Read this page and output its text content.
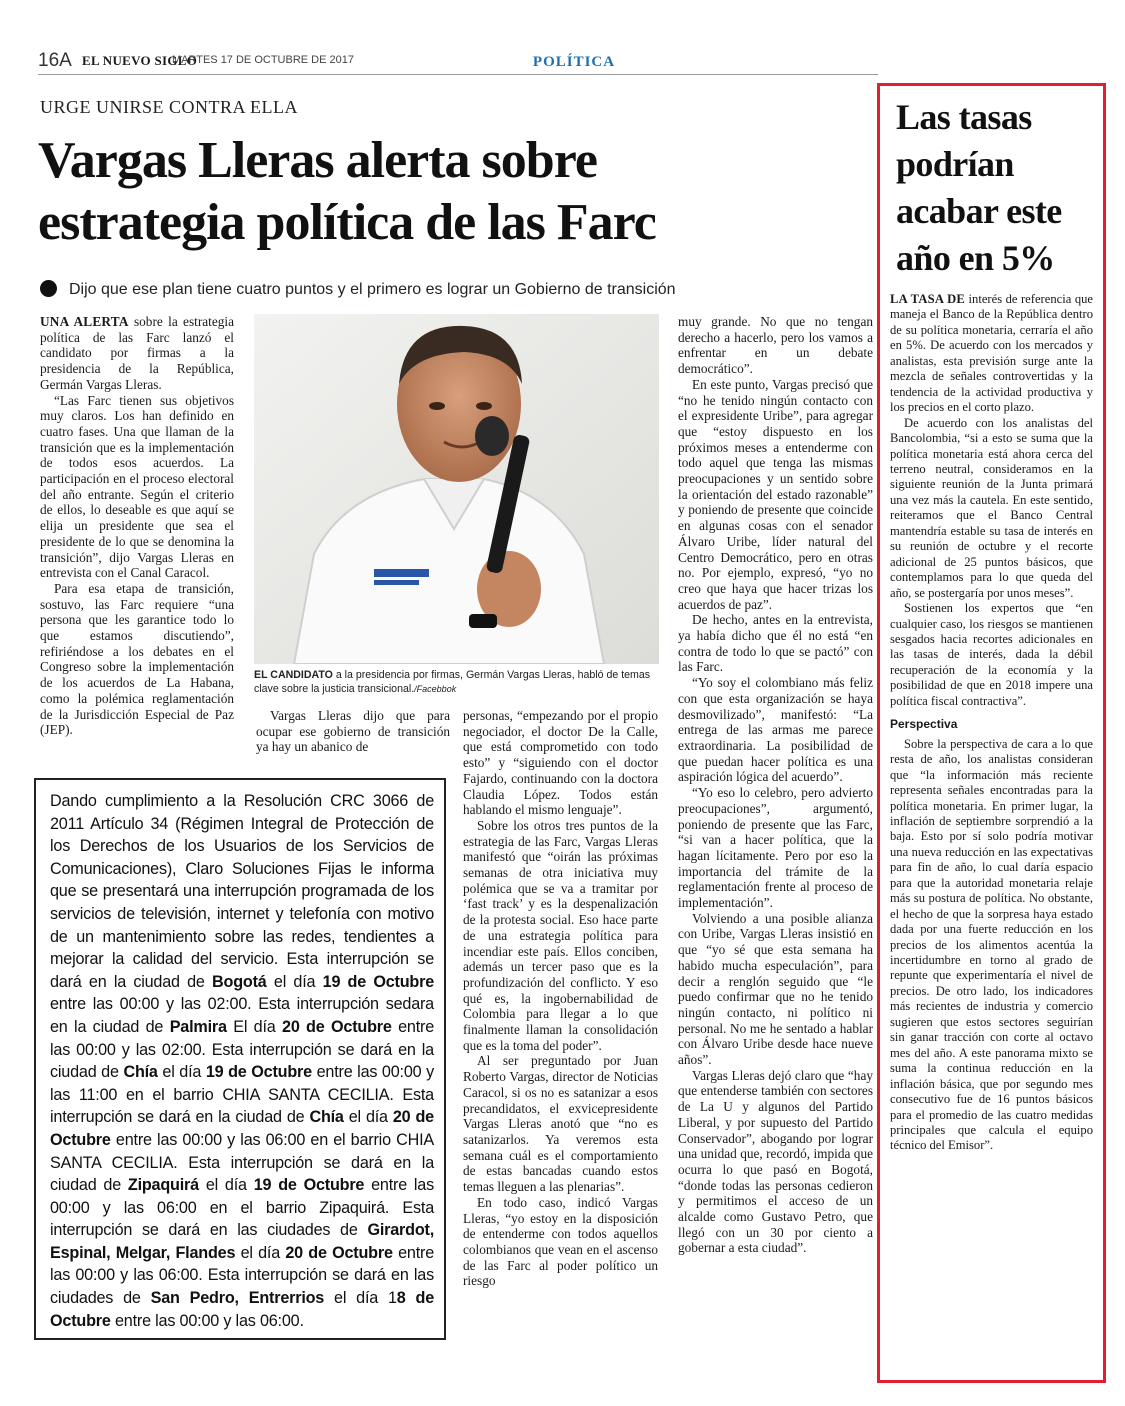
16A EL NUEVO SIGLO
MARTES 17 DE OCTUBRE DE 2017	POLÍTICA
URGE UNIRSE CONTRA ELLA
Vargas Lleras alerta sobre
estrategia política de las Farc
Dijo que ese plan tiene cuatro puntos y el primero es lograr un Gobierno de transición

UNA ALERTA sobre la estrategia política de las Farc lanzó el candidato por firmas a la presidencia de la República, Germán Vargas Lleras.

“Las Farc tienen sus objetivos muy claros. Los han definido en cuatro fases. Una que llaman de la transición que es la implementación de todos esos acuerdos. La participación en el proceso electoral del año entrante. Según el criterio de ellos, lo deseable es que aquí se elija un presidente que sea el presidente de lo que se denomina la transición”, dijo Vargas Lleras en entrevista con el Canal Caracol.

Para esa etapa de transición, sostuvo, las Farc requiere “una persona que les garantice todo lo que estamos discutiendo”, refiriéndose a los debates en el Congreso sobre la implementación de los acuerdos de La Habana, como la polémica reglamentación de la Jurisdicción Especial de Paz (JEP).

EL CANDIDATO a la presidencia por firmas, Germán Vargas Lleras, habló de temas clave sobre la justicia transicional./Facebbok

Vargas Lleras dijo que para ocupar ese gobierno de transición ya hay un abanico de

personas, “empezando por el propio negociador, el doctor De la Calle, que está comprometido con todo esto” y “siguiendo con el doctor Fajardo, continuando con la doctora Claudia López. Todos están hablando el mismo lenguaje”.

Sobre los otros tres puntos de la estrategia de las Farc, Vargas Lleras manifestó que “oirán las próximas semanas de otra iniciativa muy polémica que se va a tramitar por ‘fast track’ y es la despenalización de la protesta social. Eso hace parte de una estrategia política para incendiar este país. Ellos conciben, además un tercer paso que es la profundización del conflicto. Y eso qué es, la ingobernabilidad de Colombia para llegar a lo que finalmente llaman la consolidación que es la toma del poder”.

Al ser preguntado por Juan Roberto Vargas, director de Noticias Caracol, si os no es satanizar a esos precandidatos, el exvicepresidente Vargas Lleras anotó que “no es satanizarlos. Ya veremos esta semana cuál es el comportamiento de estas bancadas cuando estos temas lleguen a las plenarias”.

En todo caso, indicó Vargas Lleras, “yo estoy en la disposición de entenderme con todos aquellos colombianos que vean en el ascenso de las Farc al poder político un riesgo

muy grande. No que no tengan derecho a hacerlo, pero los vamos a enfrentar en un debate democrático”.

En este punto, Vargas precisó que “no he tenido ningún contacto con el expresidente Uribe”, para agregar que “estoy dispuesto en los próximos meses a entenderme con todo aquel que tenga las mismas preocupaciones y un sentido sobre la orientación del estado razonable” y poniendo de presente que coincide en algunas cosas con el senador Álvaro Uribe, líder natural del Centro Democrático, pero en otras no. Por ejemplo, expresó, “yo no creo que haya que hacer trizas los acuerdos de paz”.

De hecho, antes en la entrevista, ya había dicho que él no está “en contra de todo lo que se pactó” con las Farc.

“Yo soy el colombiano más feliz con que esta organización se haya desmovilizado”, manifestó: “La entrega de las armas me parece extraordinaria. La posibilidad de que puedan hacer política es una aspiración lógica del acuerdo”.

“Yo eso lo celebro, pero advierto preocupaciones”, argumentó, poniendo de presente que las Farc, “si van a hacer política, que la hagan lícitamente. Pero por eso la importancia del trámite de la reglamentación frente al proceso de implementación”.

Volviendo a una posible alianza con Uribe, Vargas Lleras insistió en que “yo sé que esta semana ha habido mucha especulación”, para decir a renglón seguido que “le puedo confirmar que no he tenido ningún contacto, ni político ni personal. No me he sentado a hablar con Álvaro Uribe desde hace nueve años”.

Vargas Lleras dejó claro que “hay que entenderse también con sectores de La U y algunos del Partido Liberal, y por supuesto del Partido Conservador”, abogando por lograr una unidad que, recordó, impida que ocurra lo que pasó en Bogotá, “donde todas las personas cedieron y permitimos el acceso de un alcalde como Gustavo Petro, que llegó con un 30 por ciento a gobernar a esta ciudad”.

Dando cumplimiento a la Resolución CRC 3066 de 2011 Artículo 34 (Régimen Integral de Protección de los Derechos de los Usuarios de los Servicios de Comunicaciones), Claro Soluciones Fijas le informa que se presentará una interrupción programada de los servicios de televisión, internet y telefonía con motivo de un mantenimiento sobre las redes, tendientes a mejorar la calidad del servicio. Esta interrupción se dará en la ciudad de Bogotá el día 19 de Octubre entre las 00:00 y las 02:00. Esta interrupción sedara en la ciudad de Palmira El día 20 de Octubre entre las 00:00 y las 02:00. Esta interrupción se dará en la ciudad de Chía el día 19 de Octubre entre las 00:00 y las 11:00 en el barrio CHIA SANTA CECILIA. Esta interrupción se dará en la ciudad de Chía el día 20 de Octubre entre las 00:00 y las 06:00 en el barrio CHIA SANTA CECILIA. Esta interrupción se dará en la ciudad de Zipaquirá el día 19 de Octubre entre las 00:00 y las 06:00 en el barrio Zipaquirá. Esta interrupción se dará en las ciudades de Girardot, Espinal, Melgar, Flandes el día 20 de Octubre entre las 00:00 y las 06:00. Esta interrupción se dará en las ciudades de San Pedro, Entrerrios el día 18 de Octubre entre las 00:00 y las 06:00.
Las tasas
podrían
acabar este
año en 5%

LA TASA DE interés de referencia que maneja el Banco de la República dentro de su política monetaria, cerraría el año en 5%. De acuerdo con los mercados y analistas, esta previsión surge ante la mezcla de señales controvertidas y la tendencia de la actividad productiva y los precios en el corto plazo.

De acuerdo con los analistas del Bancolombia, “si a esto se suma que la política monetaria está ahora cerca del terreno neutral, consideramos en la siguiente reunión de la Junta primará una vez más la cautela. En este sentido, reiteramos que el Banco Central mantendría estable su tasa de interés en su reunión de octubre y el recorte adicional de 25 puntos básicos, que contemplamos para lo que queda del año, se postergaría por unos meses”.

Sostienen los expertos que “en cualquier caso, los riesgos se mantienen sesgados hacia recortes adicionales en las tasas de interés, dada la débil recuperación de la economía y la posibilidad de que en 2018 impere una política fiscal contractiva”.

Perspectiva

Sobre la perspectiva de cara a lo que resta de año, los analistas consideran que “la información más reciente representa señales encontradas para la política monetaria. En primer lugar, la inflación de septiembre sorprendió a la baja. Esto por sí solo podría motivar una nueva reducción en las expectativas para fin de año, lo cual daría espacio para que la autoridad monetaria relaje más su postura de política. No obstante, el hecho de que la sorpresa haya estado dada por una fuerte reducción en los precios de los alimentos acentúa la incertidumbre en torno al grado de repunte que experimentaría el nivel de precios. De otro lado, los indicadores más recientes de industria y comercio sugieren que estos sectores seguirían sin ganar tracción con corte al octavo mes del año. A este panorama mixto se suma la continua reducción en la inflación básica, que por segundo mes consecutivo fue de 16 puntos básicos para el promedio de las cuatro medidas principales que calcula el equipo técnico del Emisor”.
